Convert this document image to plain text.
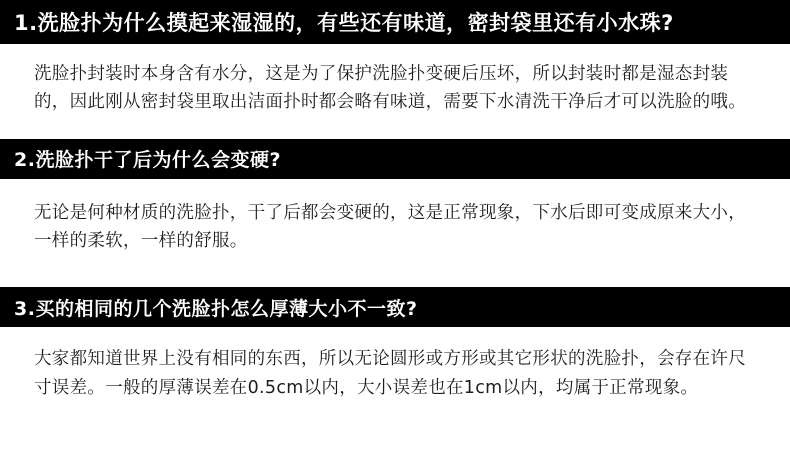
1.洗脸扑为什么摸起来湿湿的，有些还有味道，密封袋里还有小水珠?

洗脸扑封装时本身含有水分，这是为了保护洗脸扑变硬后压坏，所以封装时都是湿态封装的，因此刚从密封袋里取出洁面扑时都会略有味道，需要下水清洗干净后才可以洗脸的哦。

2.洗脸扑干了后为什么会变硬?

无论是何种材质的洗脸扑，干了后都会变硬的，这是正常现象，下水后即可变成原来大小，一样的柔软，一样的舒服。

3.买的相同的几个洗脸扑怎么厚薄大小不一致?

大家都知道世界上没有相同的东西，所以无论圆形或方形或其它形状的洗脸扑，会存在许尺寸误差。一般的厚薄误差在0.5cm以内，大小误差也在1cm以内，均属于正常现象。
